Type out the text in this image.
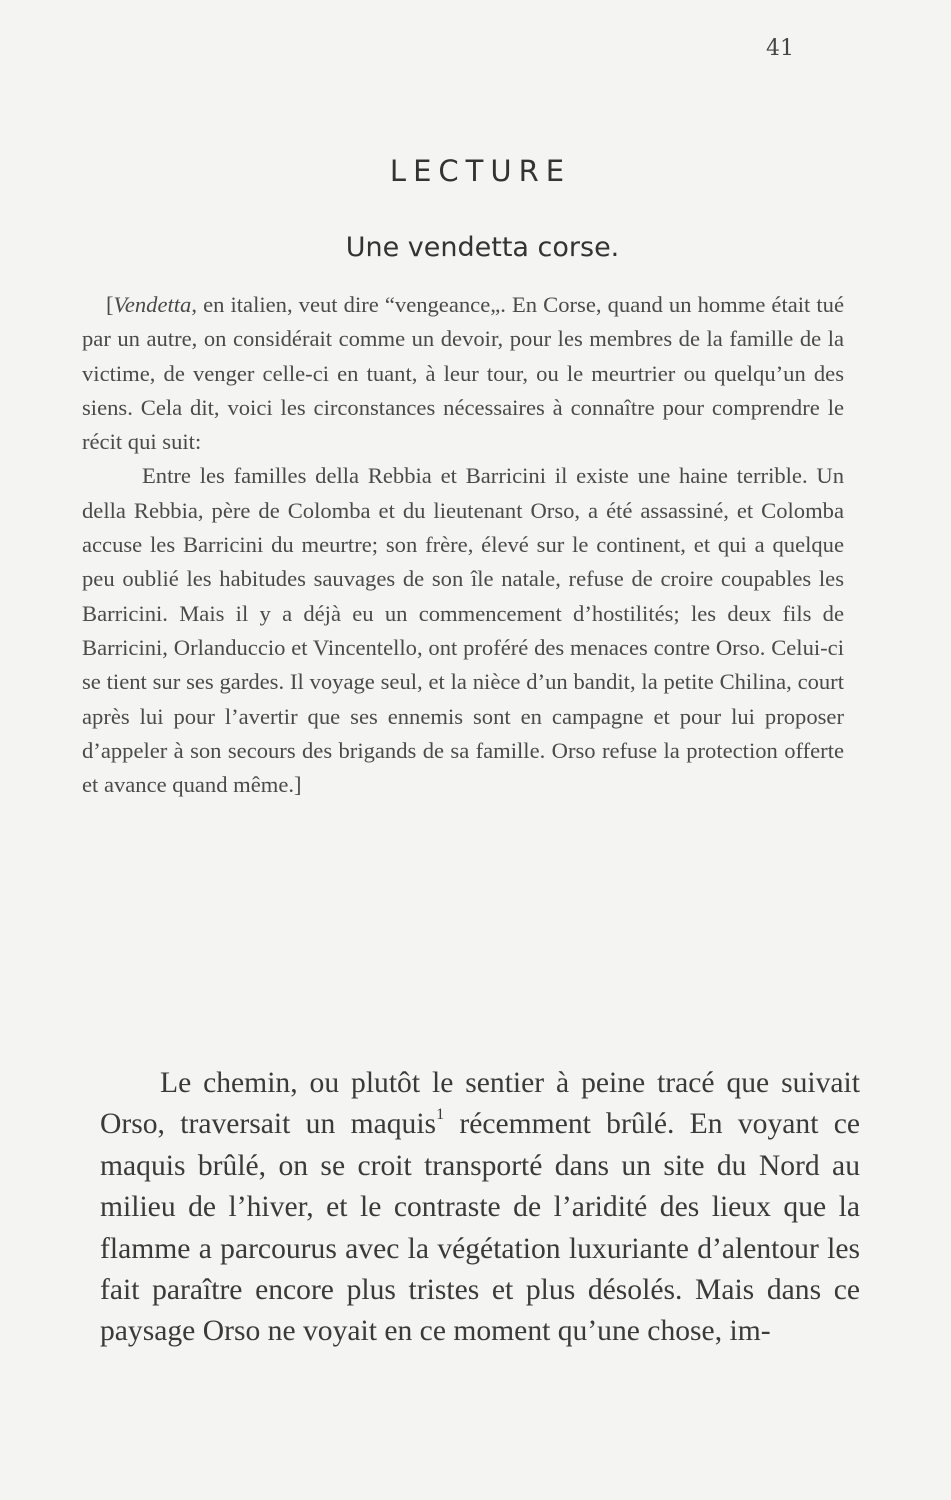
41
LECTURE
Une vendetta corse.

[Vendetta, en italien, veut dire “vengeance„. En Corse, quand un homme était tué par un autre, on considérait comme un devoir, pour les membres de la famille de la victime, de venger celle-ci en tuant, à leur tour, ou le meurtrier ou quelqu’un des siens. Cela dit, voici les circonstances nécessaires à connaître pour comprendre le récit qui suit:

Entre les familles della Rebbia et Barricini il existe une haine terrible. Un della Rebbia, père de Colomba et du lieutenant Orso, a été assassiné, et Colomba accuse les Barricini du meurtre; son frère, élevé sur le continent, et qui a quelque peu oublié les habitudes sauvages de son île natale, refuse de croire coupables les Barricini. Mais il y a déjà eu un commencement d’hostilités; les deux fils de Barricini, Orlanduccio et Vincentello, ont proféré des menaces contre Orso. Celui-ci se tient sur ses gardes. Il voyage seul, et la nièce d’un bandit, la petite Chilina, court après lui pour l’avertir que ses ennemis sont en campagne et pour lui proposer d’appeler à son secours des brigands de sa famille. Orso refuse la protection offerte et avance quand même.]

Le chemin, ou plutôt le sentier à peine tracé que suivait Orso, traversait un maquis$^1$ récemment brûlé. En voyant ce maquis brûlé, on se croit transporté dans un site du Nord au milieu de l’hiver, et le contraste de l’aridité des lieux que la flamme a parcourus avec la végétation luxuriante d’alentour les fait paraître encore plus tristes et plus désolés. Mais dans ce paysage Orso ne voyait en ce moment qu’une chose, im-
